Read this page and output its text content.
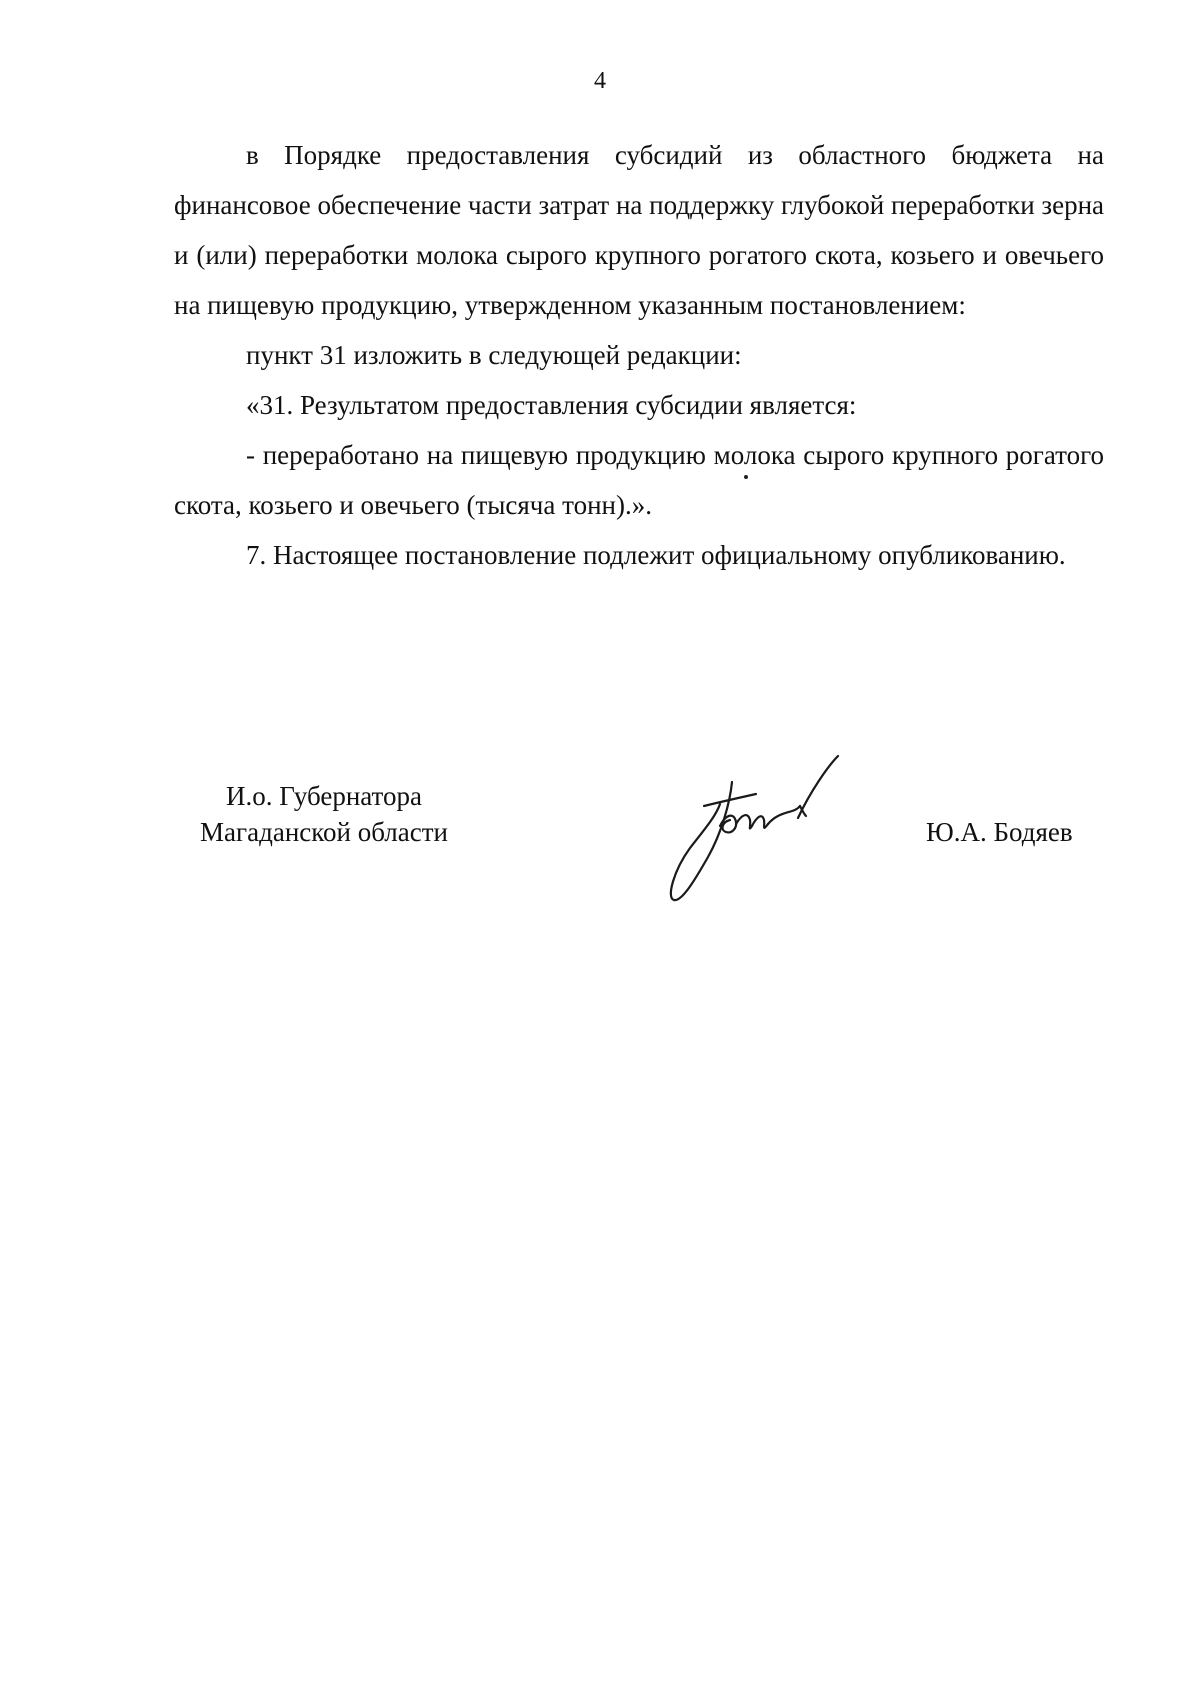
4

в Порядке предоставления субсидий из областного бюджета на финансовое обеспечение части затрат на поддержку глубокой переработки зерна и (или) переработки молока сырого крупного рогатого скота, козьего и овечьего на пищевую продукцию, утвержденном указанным постановлением:

пункт 31 изложить в следующей редакции:

«31. Результатом предоставления субсидии является:

- переработано на пищевую продукцию молока сырого крупного рогатого скота, козьего и овечьего (тысяча тонн).».

7. Настоящее постановление подлежит официальному опубликованию.

И.о. Губернатора
Магаданской области	Ю.А. Бодяев
